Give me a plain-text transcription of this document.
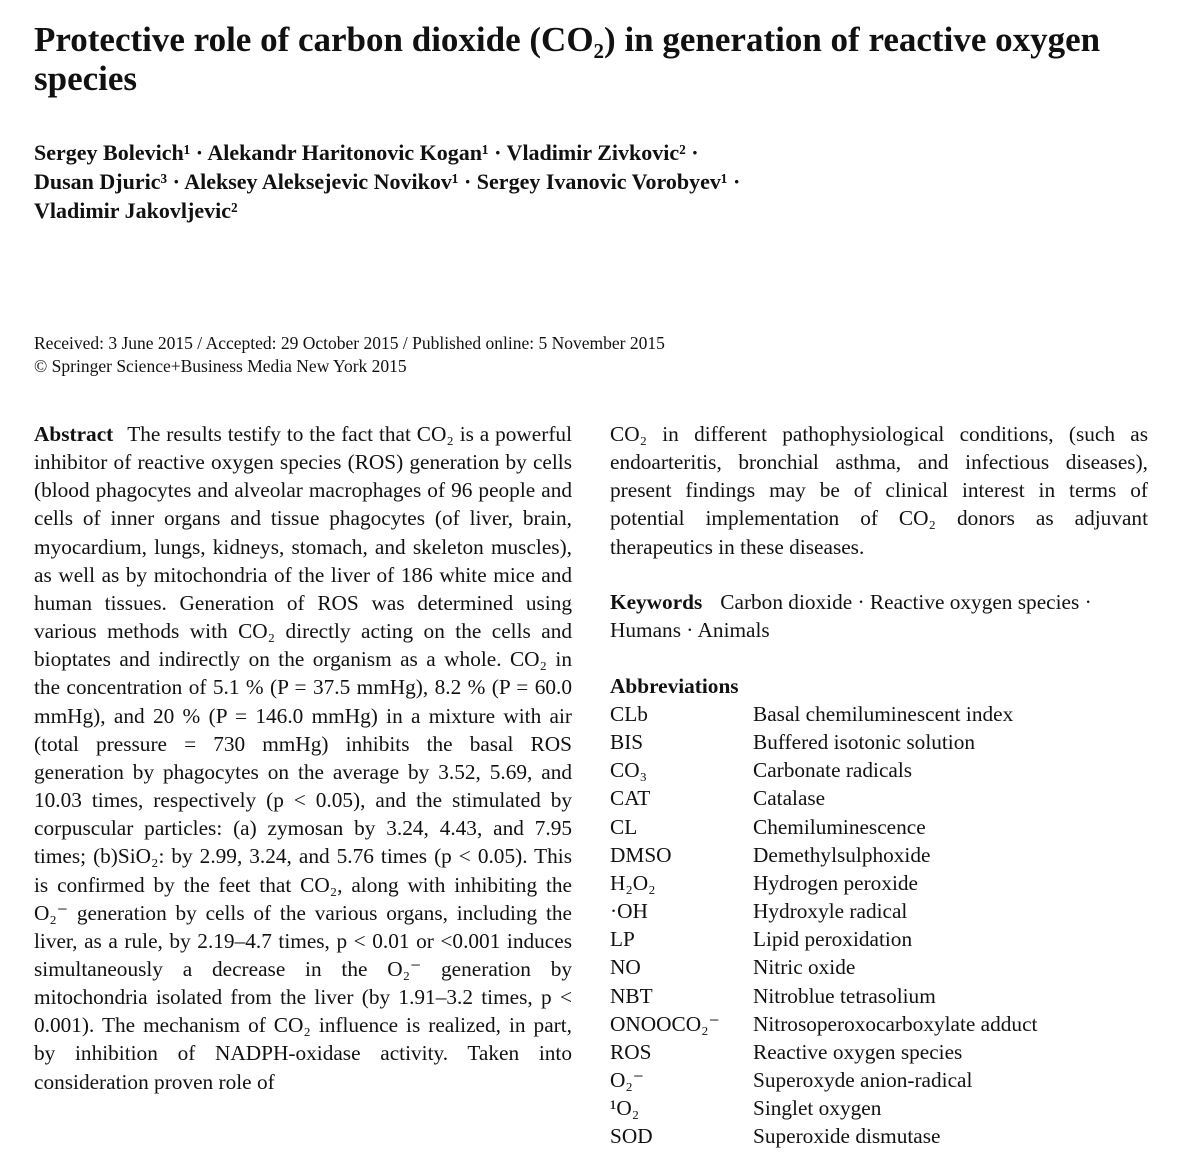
Protective role of carbon dioxide (CO₂) in generation of reactive oxygen species
Sergey Bolevich¹ · Alekandr Haritonovic Kogan¹ · Vladimir Zivkovic² ·
Dusan Djuric³ · Aleksey Aleksejevic Novikov¹ · Sergey Ivanovic Vorobyev¹ ·
Vladimir Jakovljevic²
Received: 3 June 2015 / Accepted: 29 October 2015 / Published online: 5 November 2015
© Springer Science+Business Media New York 2015
Abstract The results testify to the fact that CO₂ is a powerful inhibitor of reactive oxygen species (ROS) generation by cells (blood phagocytes and alveolar macrophages of 96 people and cells of inner organs and tissue phagocytes (of liver, brain, myocardium, lungs, kidneys, stomach, and skeleton muscles), as well as by mitochondria of the liver of 186 white mice and human tissues. Generation of ROS was determined using various methods with CO₂ directly acting on the cells and bioptates and indirectly on the organism as a whole. CO₂ in the concentration of 5.1 % (P = 37.5 mmHg), 8.2 % (P = 60.0 mmHg), and 20 % (P = 146.0 mmHg) in a mixture with air (total pressure = 730 mmHg) inhibits the basal ROS generation by phagocytes on the average by 3.52, 5.69, and 10.03 times, respectively (p < 0.05), and the stimulated by corpuscular particles: (a) zymosan by 3.24, 4.43, and 7.95 times; (b)SiO₂: by 2.99, 3.24, and 5.76 times (p < 0.05). This is confirmed by the feet that CO₂, along with inhibiting the O₂⁻ generation by cells of the various organs, including the liver, as a rule, by 2.19–4.7 times, p < 0.01 or <0.001 induces simultaneously a decrease in the O₂⁻ generation by mitochondria isolated from the liver (by 1.91–3.2 times, p < 0.001). The mechanism of CO₂ influence is realized, in part, by inhibition of NADPH-oxidase activity. Taken into consideration proven role of
CO₂ in different pathophysiological conditions, (such as endoarteritis, bronchial asthma, and infectious diseases), present findings may be of clinical interest in terms of potential implementation of CO₂ donors as adjuvant therapeutics in these diseases.
Keywords Carbon dioxide · Reactive oxygen species · Humans · Animals
Abbreviations
CLb	Basal chemiluminescent index
BIS	Buffered isotonic solution
CO₃	Carbonate radicals
CAT	Catalase
CL	Chemiluminescence
DMSO	Demethylsulphoxide
H₂O₂	Hydrogen peroxide
·OH	Hydroxyle radical
LP	Lipid peroxidation
NO	Nitric oxide
NBT	Nitroblue tetrasolium
ONOOCO₂⁻	Nitrosoperoxocarboxylate adduct
ROS	Reactive oxygen species
O₂⁻	Superoxyde anion-radical
¹O₂	Singlet oxygen
SOD	Superoxide dismutase
